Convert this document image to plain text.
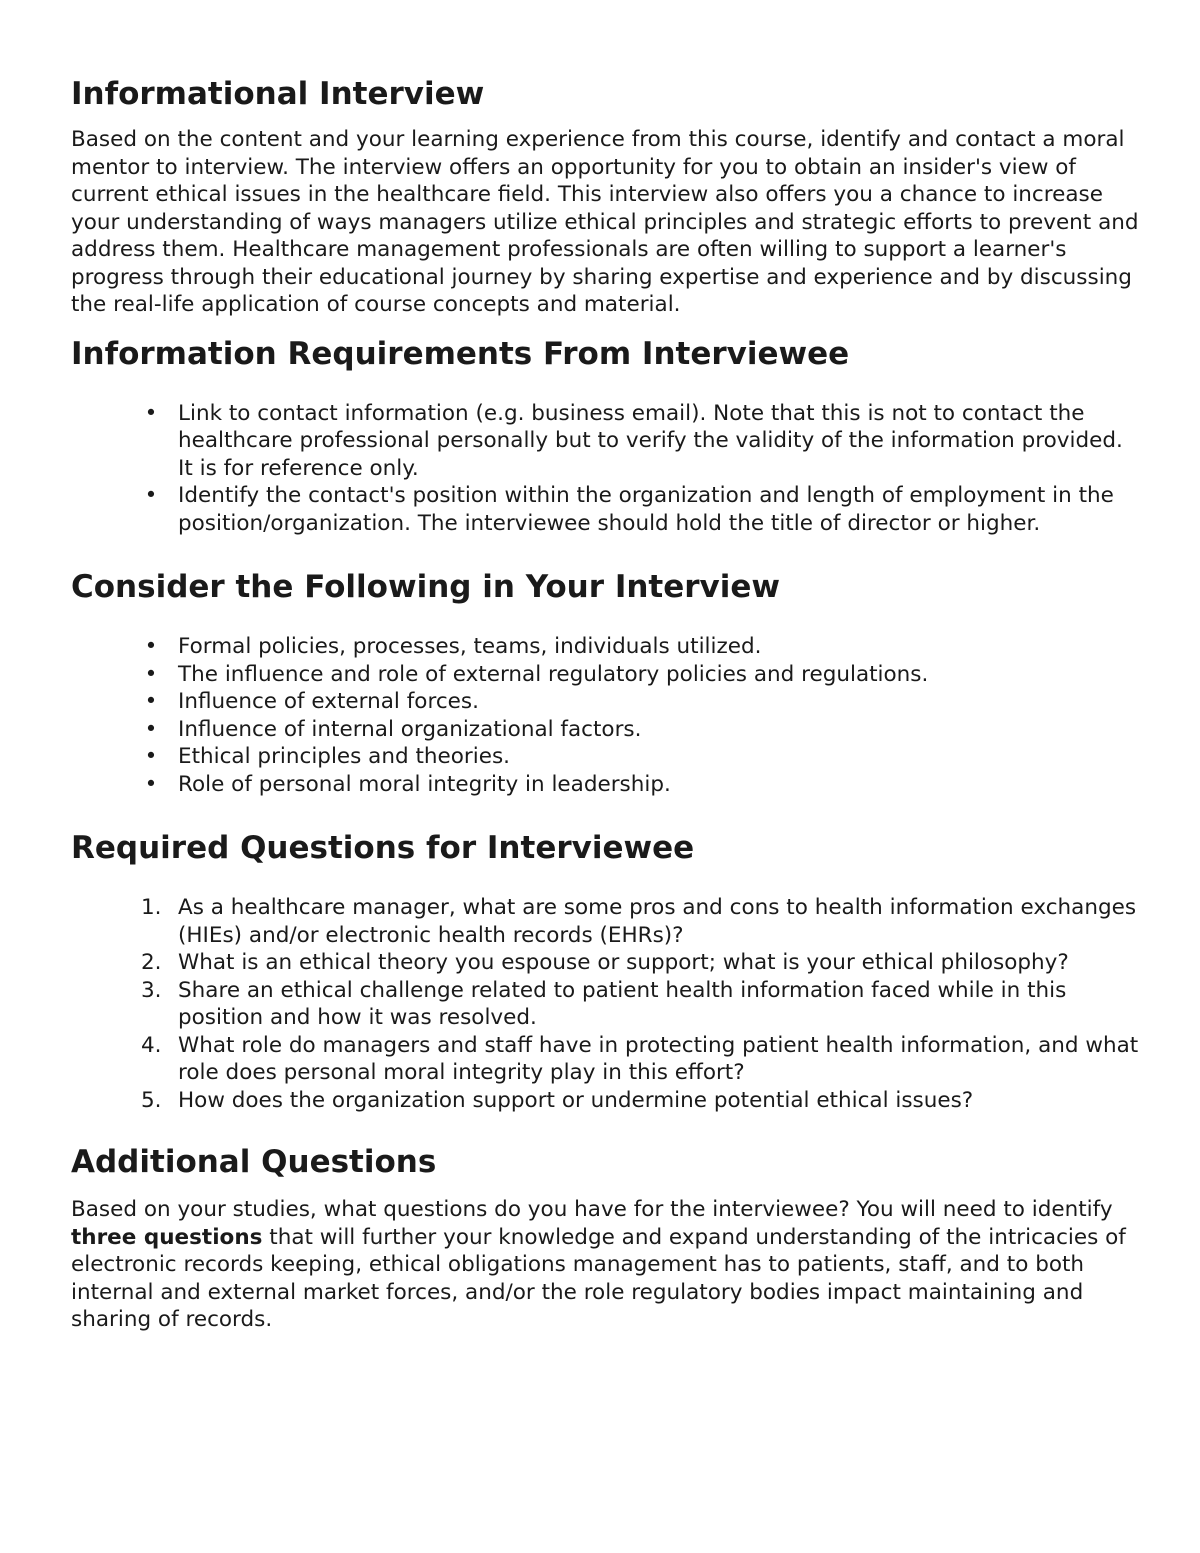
Informational Interview

Based on the content and your learning experience from this course, identify and contact a moral mentor to interview. The interview offers an opportunity for you to obtain an insider's view of current ethical issues in the healthcare field. This interview also offers you a chance to increase your understanding of ways managers utilize ethical principles and strategic efforts to prevent and address them. Healthcare management professionals are often willing to support a learner's progress through their educational journey by sharing expertise and experience and by discussing the real-life application of course concepts and material.

Information Requirements From Interviewee
• Link to contact information (e.g. business email). Note that this is not to contact the healthcare professional personally but to verify the validity of the information provided. It is for reference only.
• Identify the contact's position within the organization and length of employment in the position/organization. The interviewee should hold the title of director or higher.
Consider the Following in Your Interview
• Formal policies, processes, teams, individuals utilized.
• The influence and role of external regulatory policies and regulations.
• Influence of external forces.
• Influence of internal organizational factors.
• Ethical principles and theories.
• Role of personal moral integrity in leadership.
Required Questions for Interviewee
1. As a healthcare manager, what are some pros and cons to health information exchanges (HIEs) and/or electronic health records (EHRs)?
2. What is an ethical theory you espouse or support; what is your ethical philosophy?
3. Share an ethical challenge related to patient health information faced while in this position and how it was resolved.
4. What role do managers and staff have in protecting patient health information, and what role does personal moral integrity play in this effort?
5. How does the organization support or undermine potential ethical issues?
Additional Questions

Based on your studies, what questions do you have for the interviewee? You will need to identify three questions that will further your knowledge and expand understanding of the intricacies of electronic records keeping, ethical obligations management has to patients, staff, and to both internal and external market forces, and/or the role regulatory bodies impact maintaining and sharing of records.
